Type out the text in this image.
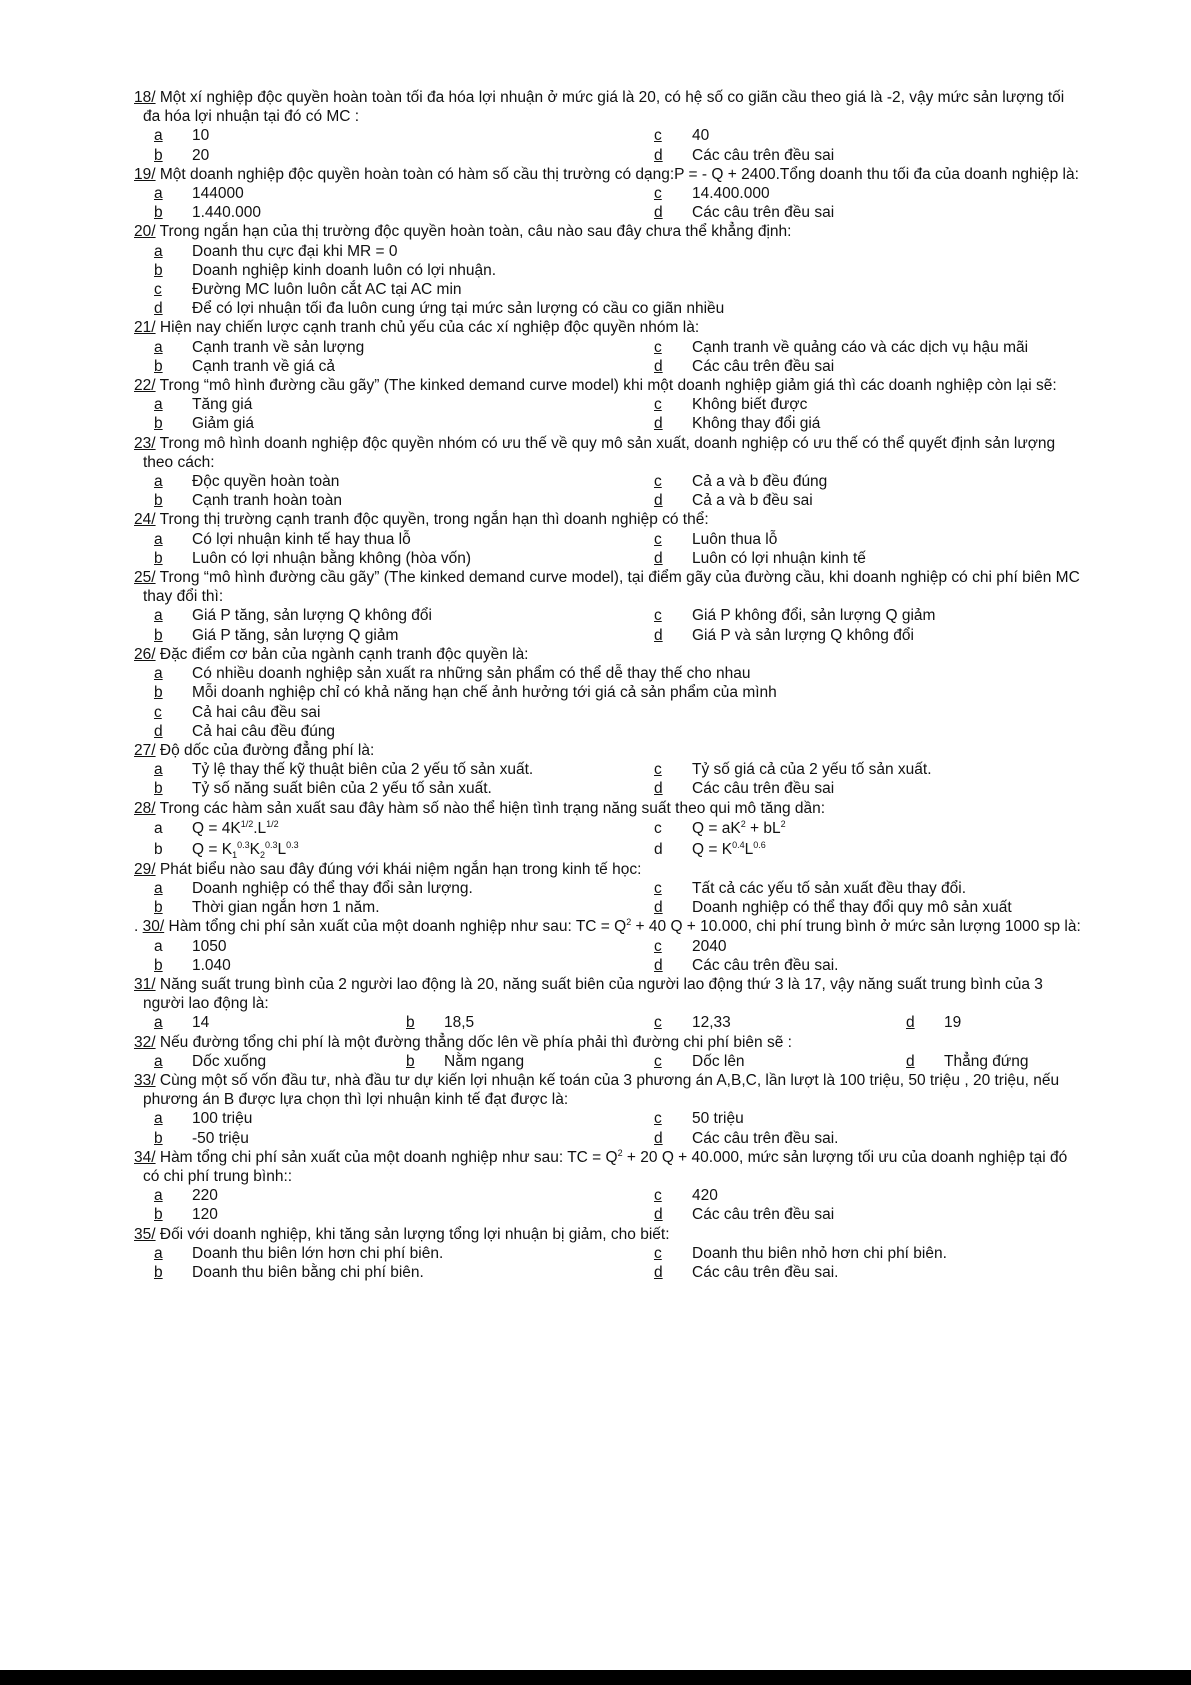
18/ Một xí nghiệp độc quyền hoàn toàn tối đa hóa lợi nhuận ở mức giá là 20, có hệ số co giãn cầu theo giá là -2, vậy mức sản lượng tối đa hóa lợi nhuận tại đó có MC :
a	10	c	40
b	20	d	Các câu trên đều sai
19/ Một doanh nghiệp độc quyền hoàn toàn có hàm số cầu thị trường có dạng:P = - Q + 2400.Tổng doanh thu tối đa của doanh nghiệp là:
a	144000	c	14.400.000
b	1.440.000	d	Các câu trên đều sai
20/ Trong ngắn hạn của thị trường độc quyền hoàn toàn, câu nào sau đây chưa thể khẳng định:
a	Doanh thu cực đại khi MR = 0
b	Doanh nghiệp kinh doanh luôn có lợi nhuận.
c	Đường MC luôn luôn cắt AC tại AC min
d	Để có lợi nhuận tối đa luôn cung ứng tại mức sản lượng có cầu co giãn nhiều
21/ Hiện nay chiến lược cạnh tranh chủ yếu của các xí nghiệp độc quyền nhóm là:
a	Cạnh tranh về sản lượng	c	Cạnh tranh về quảng cáo và các dịch vụ hậu mãi
b	Cạnh tranh về giá cả	d	Các câu trên đều sai
22/ Trong “mô hình đường cầu gãy” (The kinked demand curve model) khi một doanh nghiệp giảm giá thì các doanh nghiệp còn lại sẽ:
a	Tăng giá	c	Không biết được
b	Giảm giá	d	Không thay đổi giá
23/ Trong mô hình doanh nghiệp độc quyền nhóm có ưu thế về quy mô sản xuất, doanh nghiệp có ưu thế có thể quyết định sản lượng theo cách:
a	Độc quyền hoàn toàn	c	Cả a và b đều đúng
b	Cạnh tranh hoàn toàn	d	Cả a và b đều sai
24/ Trong thị trường cạnh tranh độc quyền, trong ngắn hạn thì doanh nghiệp có thể:
a	Có lợi nhuận kinh tế hay thua lỗ	c	Luôn thua lỗ
b	Luôn có lợi nhuận bằng không (hòa vốn)	d	Luôn có lợi nhuận kinh tế
25/ Trong “mô hình đường cầu gãy” (The kinked demand curve model), tại điểm gãy của đường cầu, khi doanh nghiệp có chi phí biên MC thay đổi thì:
a	Giá P tăng, sản lượng Q không đổi	c	Giá P không đổi, sản lượng Q giảm
b	Giá P tăng, sản lượng Q giảm	d	Giá P và sản lượng Q không đổi
26/ Đặc điểm cơ bản của ngành cạnh tranh độc quyền là:
a	Có nhiều doanh nghiệp sản xuất ra những sản phẩm có thể dễ thay thế cho nhau
b	Mỗi doanh nghiệp chỉ có khả năng hạn chế ảnh hưởng tới giá cả sản phẩm của mình
c	Cả hai câu đều sai
d	Cả hai câu đều đúng
27/ Độ dốc của đường đẳng phí là:
a	Tỷ lệ thay thế kỹ thuật biên của 2 yếu tố sản xuất.	c	Tỷ số giá cả của 2 yếu tố sản xuất.
b	Tỷ số năng suất biên của 2 yếu tố sản xuất.	d	Các câu trên đều sai
28/ Trong các hàm sản xuất sau đây hàm số nào thể hiện tình trạng năng suất theo qui mô tăng dần:
a	$Q = 4K^{1/2}.L^{1/2}$	c	$Q = aK^2 + bL^2$
b	$Q = K_1^{0.3}K_2^{0.3}L^{0.3}$	d	$Q = K^{0.4}L^{0.6}$
29/ Phát biểu nào sau đây đúng với khái niệm ngắn hạn trong kinh tế học:
a	Doanh nghiệp có thể thay đổi sản lượng.	c	Tất cả các yếu tố sản xuất đều thay đổi.
b	Thời gian ngắn hơn 1 năm.	d	Doanh nghiệp có thể thay đổi quy mô sản xuất
. 30/ Hàm tổng chi phí sản xuất của một doanh nghiệp như sau: TC = $Q^2 + 40$ Q + 10.000, chi phí trung bình ở mức sản lượng 1000 sp là:
a	1050	c	2040
b	1.040	d	Các câu trên đều sai.
31/ Năng suất trung bình của 2 người lao động là 20, năng suất biên của người lao động thứ 3 là 17, vậy năng suất trung bình của 3 người lao động là:
a	14	b	18,5	c	12,33	d	19
32/ Nếu đường tổng chi phí là một đường thẳng dốc lên về phía phải thì đường chi phí biên sẽ :
a	Dốc xuống	b	Nằm ngang	c	Dốc lên	d	Thẳng đứng
33/ Cùng một số vốn đầu tư, nhà đầu tư dự kiến lợi nhuận kế toán của 3 phương án A,B,C, lần lượt là 100 triệu, 50 triệu , 20 triệu, nếu phương án B được lựa chọn thì lợi nhuận kinh tế đạt được là:
a	100 triệu	c	50 triệu
b	-50 triệu	d	Các câu trên đều sai.
34/ Hàm tổng chi phí sản xuất của một doanh nghiệp như sau: TC = $Q^2 + 20$ Q + 40.000, mức sản lượng tối ưu của doanh nghiệp tại đó có chi phí trung bình::
a	220	c	420
b	120	d	Các câu trên đều sai
35/ Đối với doanh nghiệp, khi tăng sản lượng tổng lợi nhuận bị giảm, cho biết:
a	Doanh thu biên lớn hơn chi phí biên.	c	Doanh thu biên nhỏ hơn chi phí biên.
b	Doanh thu biên bằng chi phí biên.	d	Các câu trên đều sai.
